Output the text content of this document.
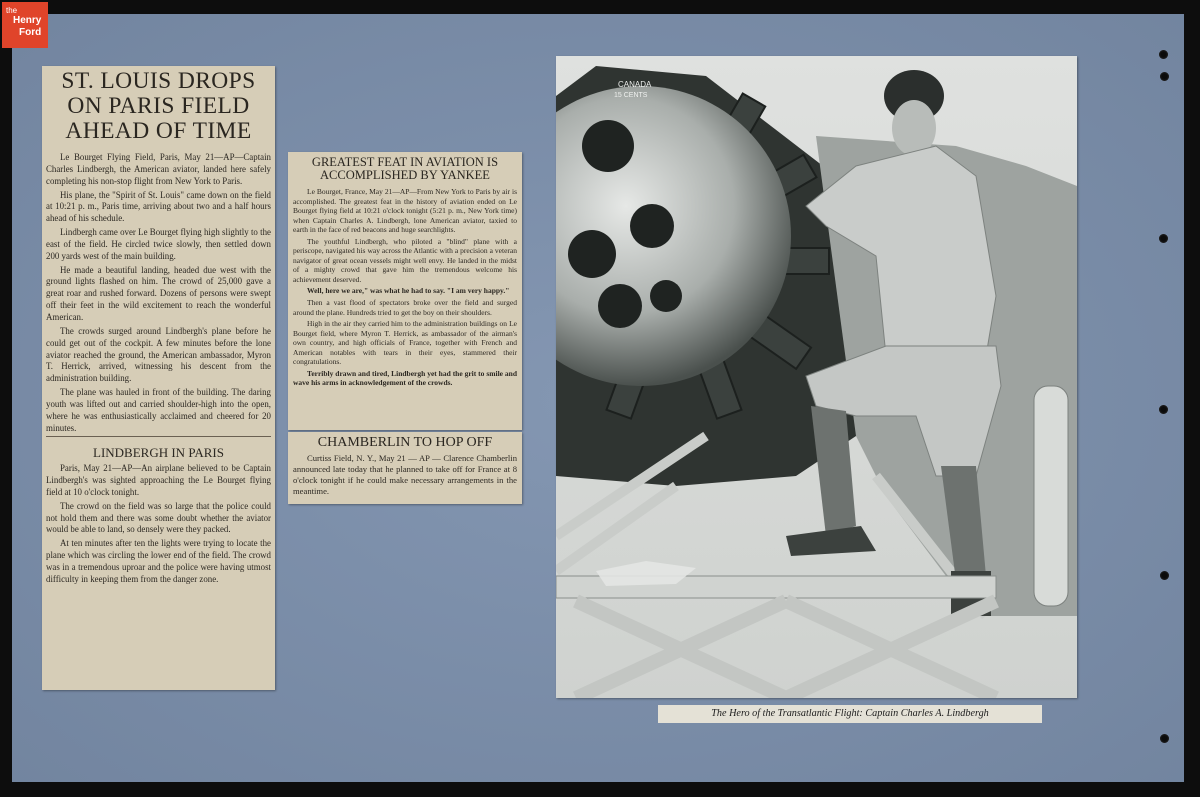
the
Henry
Ford
ST. LOUIS DROPS ON PARIS FIELD AHEAD OF TIME

Le Bourget Flying Field, Paris, May 21—AP—Captain Charles Lindbergh, the American aviator, landed here safely completing his non-stop flight from New York to Paris.

His plane, the "Spirit of St. Louis" came down on the field at 10:21 p. m., Paris time, arriving about two and a half hours ahead of his schedule.

Lindbergh came over Le Bourget flying high slightly to the east of the field. He circled twice slowly, then settled down 200 yards west of the main building.

He made a beautiful landing, headed due west with the ground lights flashed on him. The crowd of 25,000 gave a great roar and rushed forward. Dozens of persons were swept off their feet in the wild excitement to reach the wonderful American.

The crowds surged around Lindbergh's plane before he could get out of the cockpit. A few minutes before the lone aviator reached the ground, the American ambassador, Myron T. Herrick, arrived, witnessing his descent from the administration building.

The plane was hauled in front of the building. The daring youth was lifted out and carried shoulder-high into the open, where he was enthusiastically acclaimed and cheered for 20 minutes.

LINDBERGH IN PARIS

Paris, May 21—AP—An airplane believed to be Captain Lindbergh's was sighted approaching the Le Bourget flying field at 10 o'clock tonight.

The crowd on the field was so large that the police could not hold them and there was some doubt whether the aviator would be able to land, so densely were they packed.

At ten minutes after ten the lights were trying to locate the plane which was circling the lower end of the field. The crowd was in a tremendous uproar and the police were having utmost difficulty in keeping them from the danger zone.

GREATEST FEAT IN AVIATION IS ACCOMPLISHED BY YANKEE

Le Bourget, France, May 21—AP—From New York to Paris by air is accomplished. The greatest feat in the history of aviation ended on Le Bourget flying field at 10:21 o'clock tonight (5:21 p. m., New York time) when Captain Charles A. Lindbergh, lone American aviator, taxied to earth in the face of red beacons and huge searchlights.

The youthful Lindbergh, who piloted a "blind" plane with a periscope, navigated his way across the Atlantic with a precision a veteran navigator of great ocean vessels might well envy. He landed in the midst of a mighty crowd that gave him the tremendous welcome his achievement deserved.

Well, here we are," was what he had to say. "I am very happy."

Then a vast flood of spectators broke over the field and surged around the plane. Hundreds tried to get the boy on their shoulders.

High in the air they carried him to the administration buildings on Le Bourget field, where Myron T. Herrick, as ambassador of the airman's own country, and high officials of France, together with French and American notables with tears in their eyes, stammered their congratulations.

Terribly drawn and tired, Lindbergh yet had the grit to smile and wave his arms in acknowledgement of the crowds.

CHAMBERLIN TO HOP OFF

Curtiss Field, N. Y., May 21 — AP — Clarence Chamberlin announced late today that he planned to take off for France at 8 o'clock tonight if he could make necessary arrangements in the meantime.

CANADA
15 CENTS
The Hero of the Transatlantic Flight: Captain Charles A. Lindbergh
